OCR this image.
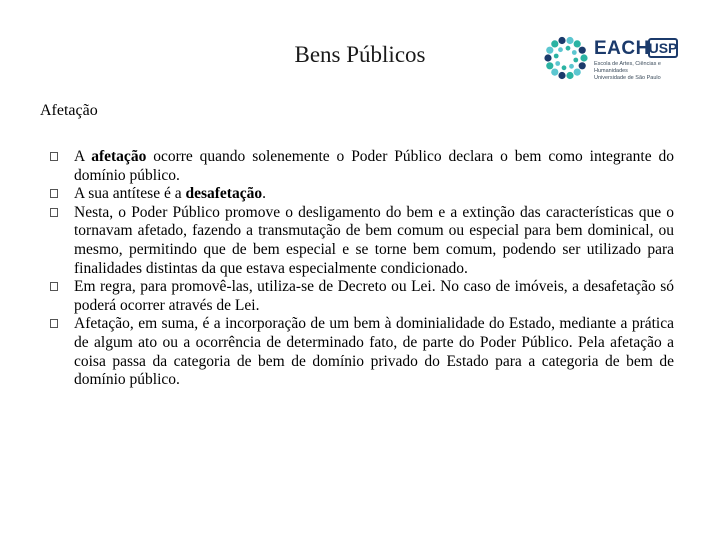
Bens Públicos	EACH
USP
Escola de Artes, Ciências e Humanidades
Universidade de São Paulo
Afetação
A afetação ocorre quando solenemente o Poder Público declara o bem como integrante do domínio público.
A sua antítese é a desafetação.
Nesta, o Poder Público promove o desligamento do bem e a extinção das características que o tornavam afetado, fazendo a transmutação de bem comum ou especial para bem dominical, ou mesmo, permitindo que de bem especial e se torne bem comum, podendo ser utilizado para finalidades distintas da que estava especialmente condicionado.
Em regra, para promovê-las, utiliza-se de Decreto ou Lei. No caso de imóveis, a desafetação só poderá ocorrer através de Lei.
Afetação, em suma, é a incorporação de um bem à dominialidade do Estado, mediante a prática de algum ato ou a ocorrência de determinado fato, de parte do Poder Público. Pela afetação a coisa passa da categoria de bem de domínio privado do Estado para a categoria de bem de domínio público.
